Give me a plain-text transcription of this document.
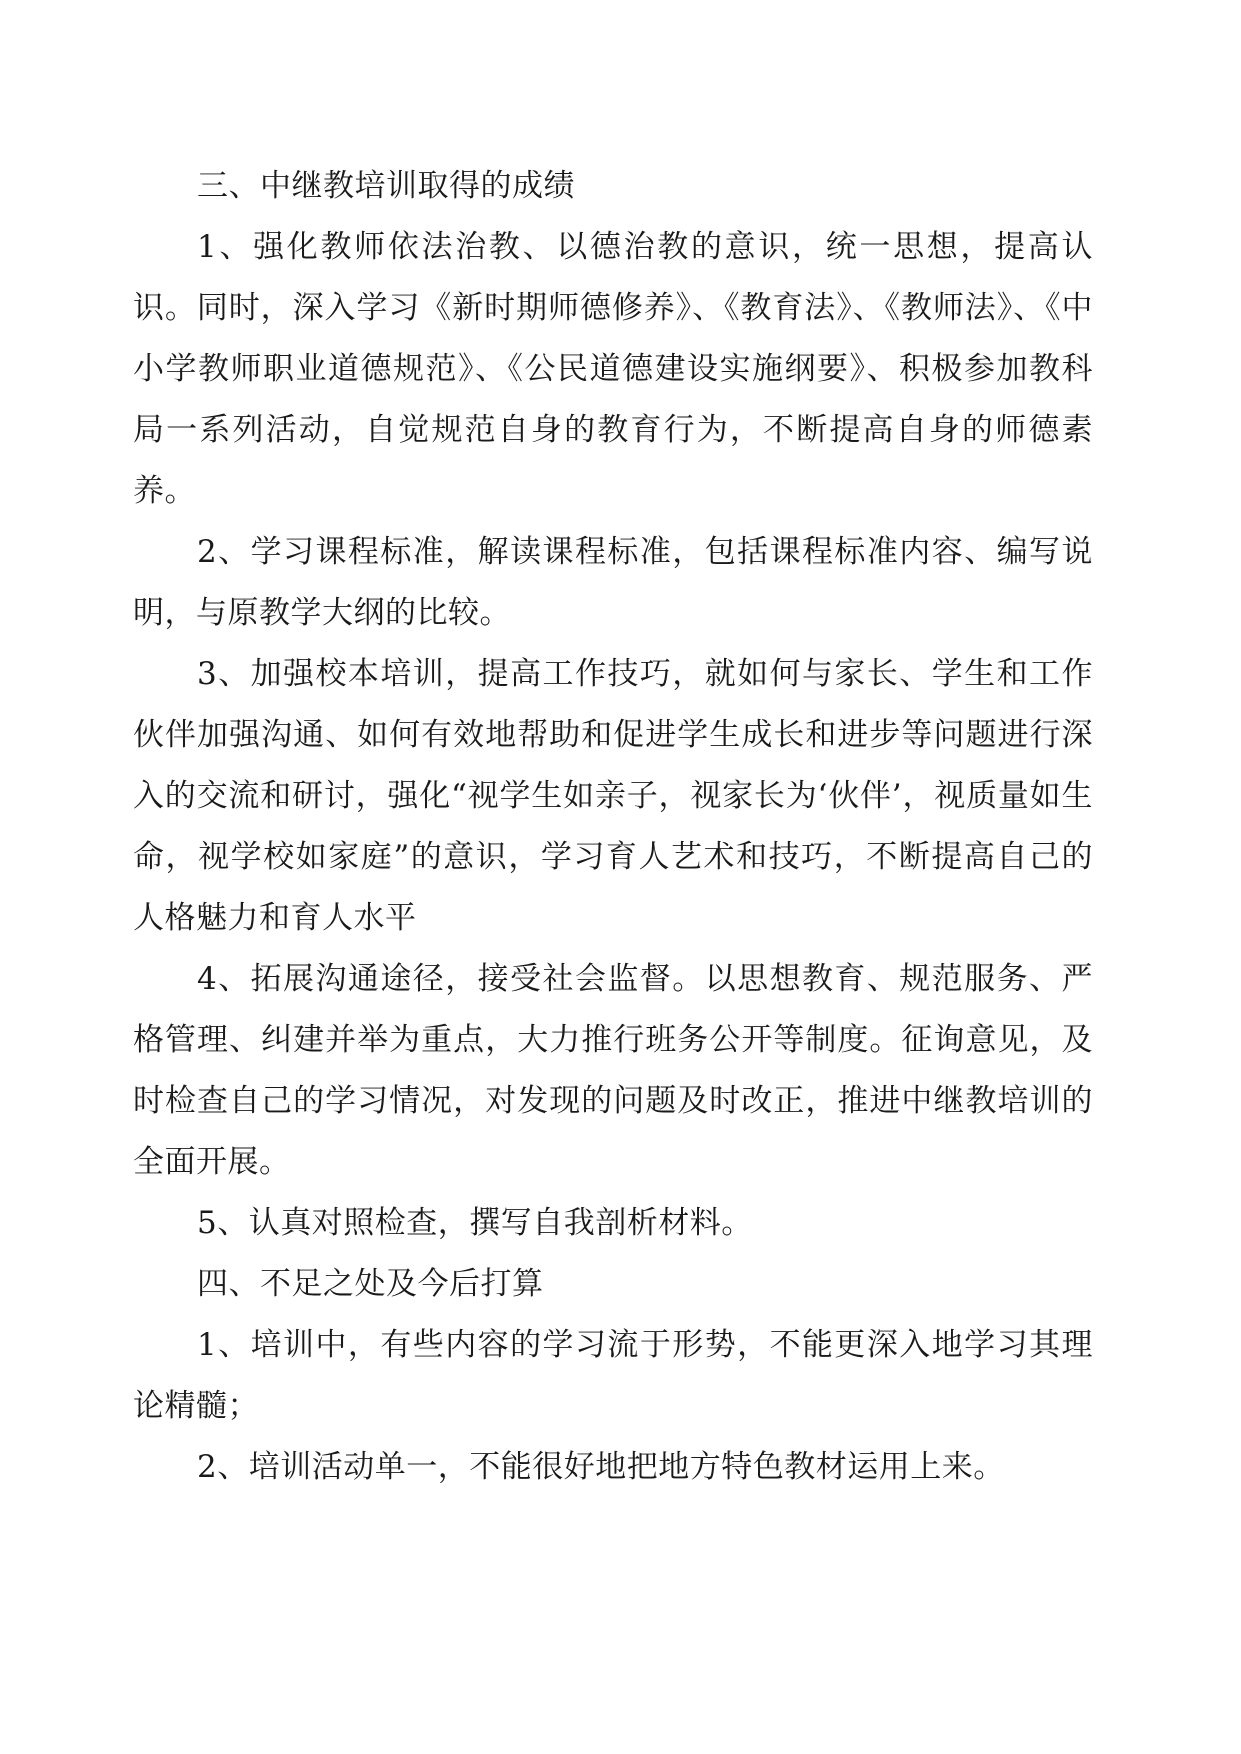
三、中继教培训取得的成绩

1、强化教师依法治教、以德治教的意识，统一思想，提高认识。同时，深入学习《新时期师德修养》、《教育法》、《教师法》、《中小学教师职业道德规范》、《公民道德建设实施纲要》、积极参加教科局一系列活动，自觉规范自身的教育行为，不断提高自身的师德素养。

2、学习课程标准，解读课程标准，包括课程标准内容、编写说明，与原教学大纲的比较。

3、加强校本培训，提高工作技巧，就如何与家长、学生和工作伙伴加强沟通、如何有效地帮助和促进学生成长和进步等问题进行深入的交流和研讨，强化“视学生如亲子，视家长为‘伙伴’，视质量如生命，视学校如家庭”的意识，学习育人艺术和技巧，不断提高自己的人格魅力和育人水平

4、拓展沟通途径，接受社会监督。以思想教育、规范服务、严格管理、纠建并举为重点，大力推行班务公开等制度。征询意见，及时检查自己的学习情况，对发现的问题及时改正，推进中继教培训的全面开展。

5、认真对照检查，撰写自我剖析材料。

四、不足之处及今后打算

1、培训中，有些内容的学习流于形势，不能更深入地学习其理论精髓；

2、培训活动单一，不能很好地把地方特色教材运用上来。
